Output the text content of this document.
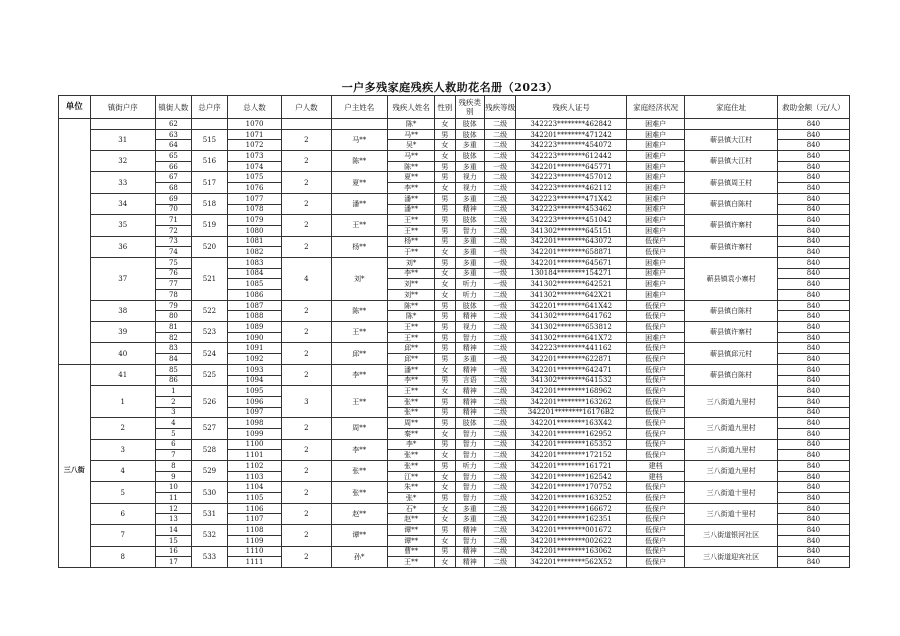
一户多残家庭残疾人救助花名册（2023）
单位	镇街户序	镇街人数	总户序	总人数	户人数	户主姓名	残疾人姓名	性别	残疾类别	残疾等级	残疾人证号	家庭经济状况	家庭住址	救助金额（元/人）
		62		1070			陈*	女	肢体	二级	342223********462842	困难户		840
	31	63	515	1071	2	马**	马**	男	肢体	二级	342201********471242	困难户	蕲县镇大江村	840
		64		1072			吴*	女	多重	二级	342223********454072	困难户		840
	32	65	516	1073	2	陈**	马**	女	肢体	二级	342223********612442	困难户	蕲县镇大江村	840
		66		1074			陈**	男	多重	一级	342201********645771	困难户		840
	33	67	517	1075	2	夏**	夏**	男	视力	二级	342223********457012	困难户	蕲县镇周王村	840
		68		1076			李**	女	视力	二级	342223********462112	困难户		840
	34	69	518	1077	2	潘**	潘**	男	多重	二级	342223********471X42	困难户	蕲县镇白陈村	840
		70		1078			潘**	男	精神	二级	342223********453462	困难户		840
	35	71	519	1079	2	王**	王**	男	肢体	二级	342223********451042	困难户	蕲县镇许寨村	840
		72		1080			王**	男	智力	二级	341302********645151	困难户		840
	36	73	520	1081	2	杨**	杨**	男	多重	二级	342201********643072	低保户	蕲县镇许寨村	840
		74		1082			于**	女	多重	一级	342201********658871	低保户		840
	37	75	521	1083	4	刘*	刘*	男	多重	一级	342201********645671	困难户	蕲县镇袁小寨村	840
		76		1084			李**	女	多重	一级	130184********154271	困难户		840
		77		1085			刘**	女	听力	一级	341302********642521	困难户		840
		78		1086			刘**	女	听力	二级	341302********642X21	困难户		840
	38	79	522	1087	2	陈**	陈**	男	肢体	一级	342201********641X42	低保户	蕲县镇白陈村	840
		80		1088			陈*	男	精神	二级	341302********641762	低保户		840
	39	81	523	1089	2	王**	王**	男	视力	二级	341302********653812	低保户	蕲县镇许寨村	840
		82		1090			王**	男	智力	二级	341302********641X72	困难户		840
	40	83	524	1091	2	邱**	邱**	男	精神	二级	342223********441162	低保户	蕲县镇邱元村	840
		84		1092			邱**	男	多重	一级	342201********622871	低保户		840

三八街	41	85	525	1093	2	李**	潘**	女	精神	一级	342201********642471	低保户	蕲县镇白陈村	840
		86		1094			李**	男	言语	二级	341302********641532	低保户		840
	1	1	526	1095	3	王**	王**	女	精神	二级	342201********168962	低保户	三八街道九里村	840
		2		1096			张**	男	精神	二级	342201********163262	低保户		840
		3		1097			张**	男	精神	二级	342201********16176B2	低保户		840
	2	4	527	1098	2	周**	周**	男	肢体	二级	342201********163X42	低保户	三八街道九里村	840
		5		1099			秦**	女	智力	二级	342201********162952	低保户		840
	3	6	528	1100	2	李**	李*	男	智力	二级	342201********165352	低保户	三八街道九里村	840
		7		1101			张**	女	智力	二级	342201********172152	低保户		840
	4	8	529	1102	2	张**	张**	男	听力	二级	342201********161721	建档	三八街道九里村	840
		9		1103			江**	女	智力	二级	342201********162542	建档		840
	5	10	530	1104	2	张**	朱**	女	智力	二级	342201********170752	低保户	三八街道十里村	840
		11		1105			张*	男	智力	二级	342201********163252	低保户		840
	6	12	531	1106	2	赵**	石*	女	多重	二级	342201********166672	低保户	三八街道十里村	840
		13		1107			赵**	女	多重	二级	342201********162351	低保户		840
	7	14	532	1108	2	谭**	谭**	男	精神	二级	342201********001672	低保户	三八街道银河社区	840
		15		1109			谭**	女	智力	二级	342201********002622	低保户		840
	8	16	533	1110	2	孙*	曹**	男	精神	二级	342201********163062	低保户	三八街道迎宾社区	840
		17		1111			王**	女	精神	二级	342201********562X52	低保户		840
